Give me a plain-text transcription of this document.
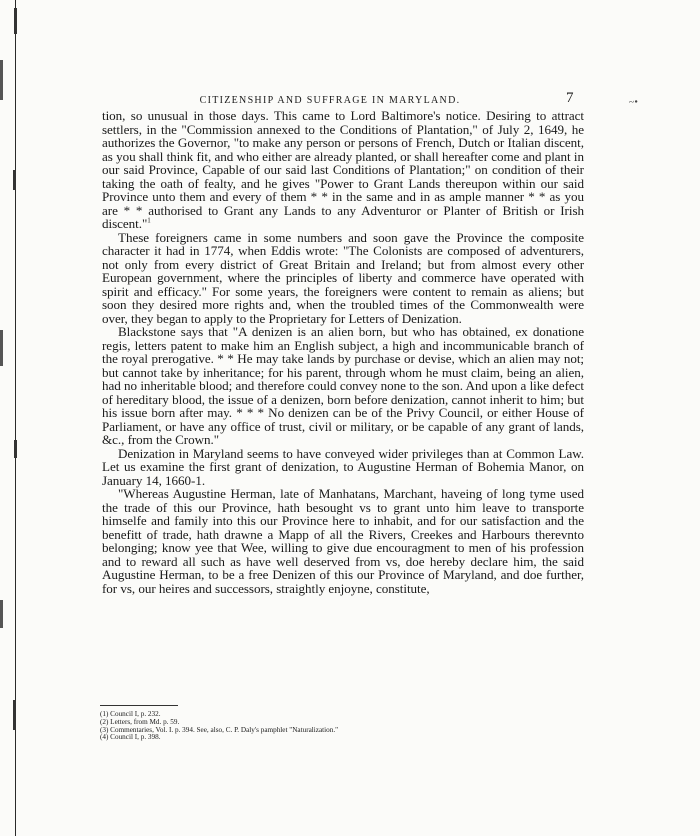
CITIZENSHIP AND SUFFRAGE IN MARYLAND.	7	~•

tion, so unusual in those days. This came to Lord Baltimore's notice. Desiring to attract settlers, in the "Commission annexed to the Conditions of Plantation," of July 2, 1649, he authorizes the Governor, "to make any person or persons of French, Dutch or Italian discent, as you shall think fit, and who either are already planted, or shall hereafter come and plant in our said Province, Capable of our said last Conditions of Plantation;" on condition of their taking the oath of fealty, and he gives "Power to Grant Lands thereupon within our said Province unto them and every of them * * in the same and in as ample manner * * as you are * * authorised to Grant any Lands to any Adventuror or Planter of British or Irish discent."$^1$

These foreigners came in some numbers and soon gave the Province the composite character it had in 1774, when Eddis wrote: "The Colonists are composed of adventurers, not only from every district of Great Britain and Ireland; but from almost every other European government, where the principles of liberty and commerce have operated with spirit and efficacy." For some years, the foreigners were content to remain as aliens; but soon they desired more rights and, when the troubled times of the Commonwealth were over, they began to apply to the Proprietary for Letters of Denization.

Blackstone says that "A denizen is an alien born, but who has obtained, ex donatione regis, letters patent to make him an English subject, a high and incommunicable branch of the royal prerogative. * * He may take lands by purchase or devise, which an alien may not; but cannot take by inheritance; for his parent, through whom he must claim, being an alien, had no inheritable blood; and therefore could convey none to the son. And upon a like defect of hereditary blood, the issue of a denizen, born before denization, cannot inherit to him; but his issue born after may. * * * No denizen can be of the Privy Council, or either House of Parliament, or have any office of trust, civil or military, or be capable of any grant of lands, &c., from the Crown."

Denization in Maryland seems to have conveyed wider privileges than at Common Law. Let us examine the first grant of denization, to Augustine Herman of Bohemia Manor, on January 14, 1660-1.

"Whereas Augustine Herman, late of Manhatans, Marchant, haveing of long tyme used the trade of this our Province, hath besought vs to grant unto him leave to transporte himselfe and family into this our Province here to inhabit, and for our satisfaction and the benefitt of trade, hath drawne a Mapp of all the Rivers, Creekes and Harbours therevnto belonging; know yee that Wee, willing to give due encouragment to men of his profession and to reward all such as have well deserved from vs, doe hereby declare him, the said Augustine Herman, to be a free Denizen of this our Province of Maryland, and doe further, for vs, our heires and successors, straightly enjoyne, constitute,

(1) Council I, p. 232.
(2) Letters, from Md. p. 59.
(3) Commentaries, Vol. I. p. 394. See, also, C. P. Daly's pamphlet "Naturalization."
(4) Council I, p. 398.
